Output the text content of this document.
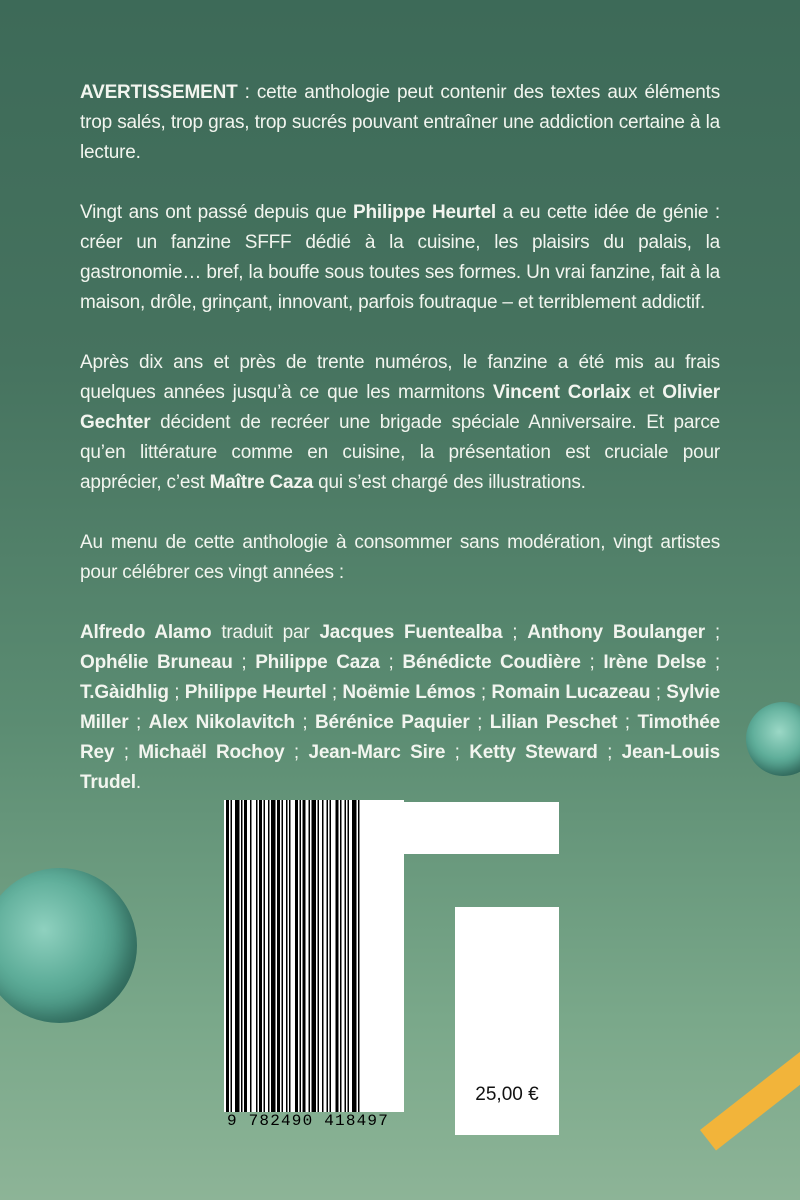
AVERTISSEMENT : cette anthologie peut contenir des textes aux éléments trop salés, trop gras, trop sucrés pouvant entraîner une addiction certaine à la lecture.

Vingt ans ont passé depuis que Philippe Heurtel a eu cette idée de génie : créer un fanzine SFFF dédié à la cuisine, les plaisirs du palais, la gastronomie… bref, la bouffe sous toutes ses formes. Un vrai fanzine, fait à la maison, drôle, grinçant, innovant, parfois foutraque – et terriblement addictif.

Après dix ans et près de trente numéros, le fanzine a été mis au frais quelques années jusqu’à ce que les marmitons Vincent Corlaix et Olivier Gechter décident de recréer une brigade spéciale Anniversaire. Et parce qu’en littérature comme en cuisine, la présentation est cruciale pour apprécier, c’est Maître Caza qui s’est chargé des illustrations.

Au menu de cette anthologie à consommer sans modération, vingt artistes pour célébrer ces vingt années :

Alfredo Alamo traduit par Jacques Fuentealba ; Anthony Boulanger ; Ophélie Bruneau ; Philippe Caza ; Bénédicte Coudière ; Irène Delse ; T.Gàidhlig ; Philippe Heurtel ; Noëmie Lémos ; Romain Lucazeau ; Sylvie Miller ; Alex Nikolavitch ; Bérénice Paquier ; Lilian Peschet ; Timothée Rey ; Michaël Rochoy ; Jean-Marc Sire ; Ketty Steward ; Jean-Louis Trudel.

9 782490 418497
25,00 €
